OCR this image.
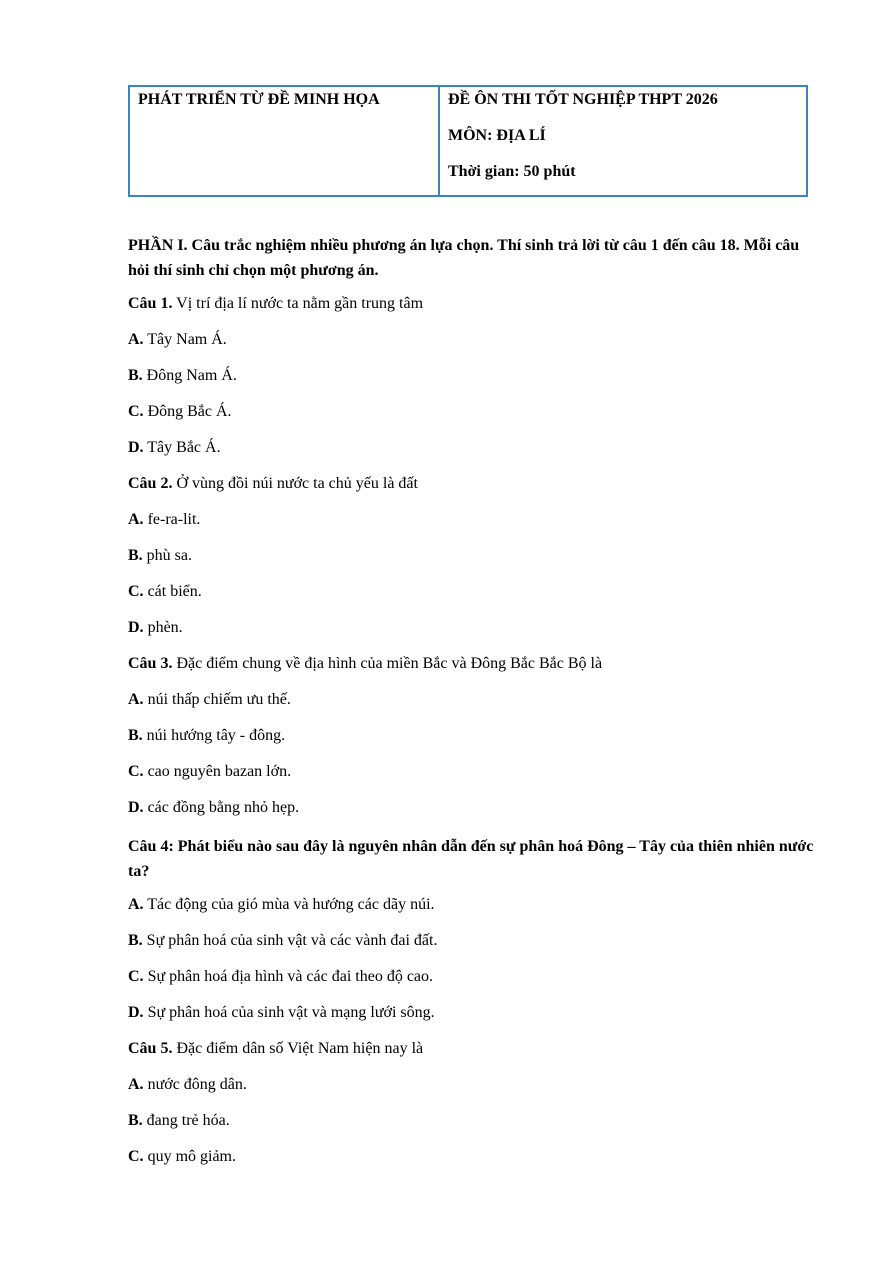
PHÁT TRIỂN TỪ ĐỀ MINH HỌA	ĐỀ ÔN THI TỐT NGHIỆP THPT 2026
MÔN: ĐỊA LÍ
Thời gian: 50 phút
PHẦN I. Câu trắc nghiệm nhiều phương án lựa chọn. Thí sinh trả lời từ câu 1 đến câu 18. Mỗi câu hỏi thí sinh chỉ chọn một phương án.
Câu 1. Vị trí địa lí nước ta nằm gần trung tâm
A. Tây Nam Á.
B. Đông Nam Á.
C. Đông Bắc Á.
D. Tây Bắc Á.
Câu 2. Ở vùng đồi núi nước ta chủ yếu là đất
A. fe-ra-lit.
B. phù sa.
C. cát biển.
D. phèn.
Câu 3. Đặc điểm chung về địa hình của miền Bắc và Đông Bắc Bắc Bộ là
A. núi thấp chiếm ưu thế.
B. núi hướng tây - đông.
C. cao nguyên bazan lớn.
D. các đồng bằng nhỏ hẹp.
Câu 4: Phát biểu nào sau đây là nguyên nhân dẫn đến sự phân hoá Đông – Tây của thiên nhiên nước ta?
A. Tác động của gió mùa và hướng các dãy núi.
B. Sự phân hoá của sinh vật và các vành đai đất.
C. Sự phân hoá địa hình và các đai theo độ cao.
D. Sự phân hoá của sinh vật và mạng lưới sông.
Câu 5. Đặc điểm dân số Việt Nam hiện nay là
A. nước đông dân.
B. đang trẻ hóa.
C. quy mô giảm.
